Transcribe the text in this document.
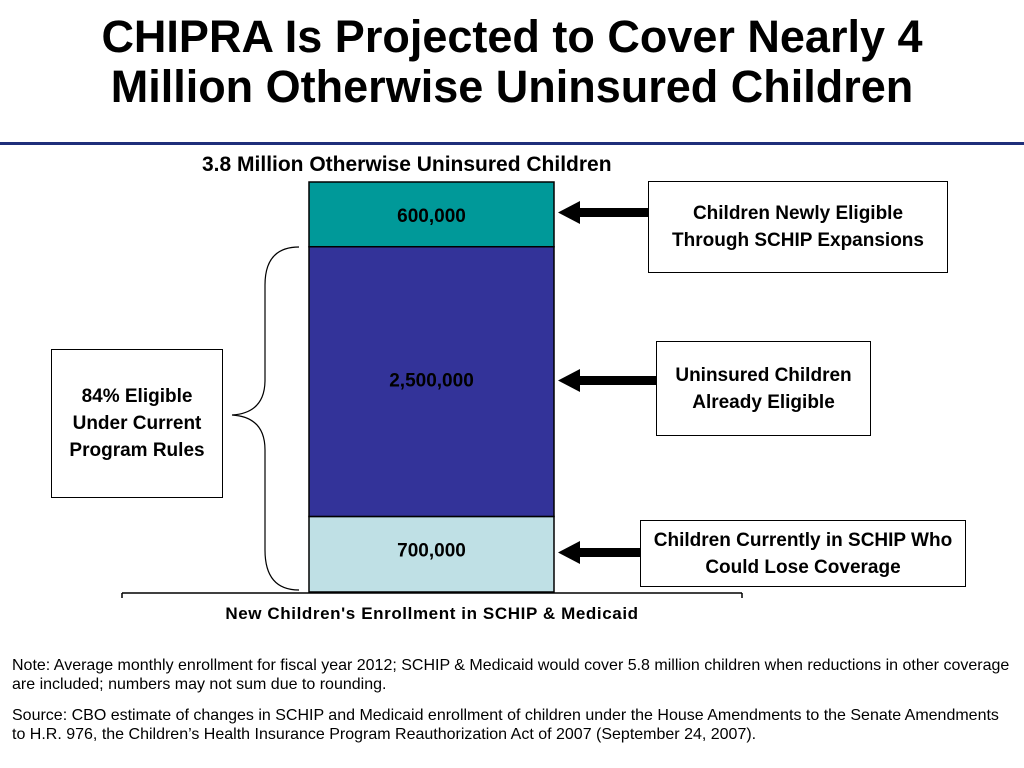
CHIPRA Is Projected to Cover Nearly 4
Million Otherwise Uninsured Children
3.8 Million Otherwise Uninsured Children
700,000
2,500,000
600,000	Children Newly Eligible Through SCHIP Expansions
Uninsured Children Already Eligible
Children Currently in SCHIP Who Could Lose Coverage
84% Eligible Under Current Program Rules
New Children's Enrollment in SCHIP & Medicaid
Note: Average monthly enrollment for fiscal year 2012; SCHIP & Medicaid would cover 5.8 million children when reductions in other coverage are included; numbers may not sum due to rounding.
Source: CBO estimate of changes in SCHIP and Medicaid enrollment of children under the House Amendments to the Senate Amendments to H.R. 976, the Children’s Health Insurance Program Reauthorization Act of 2007 (September 24, 2007).
